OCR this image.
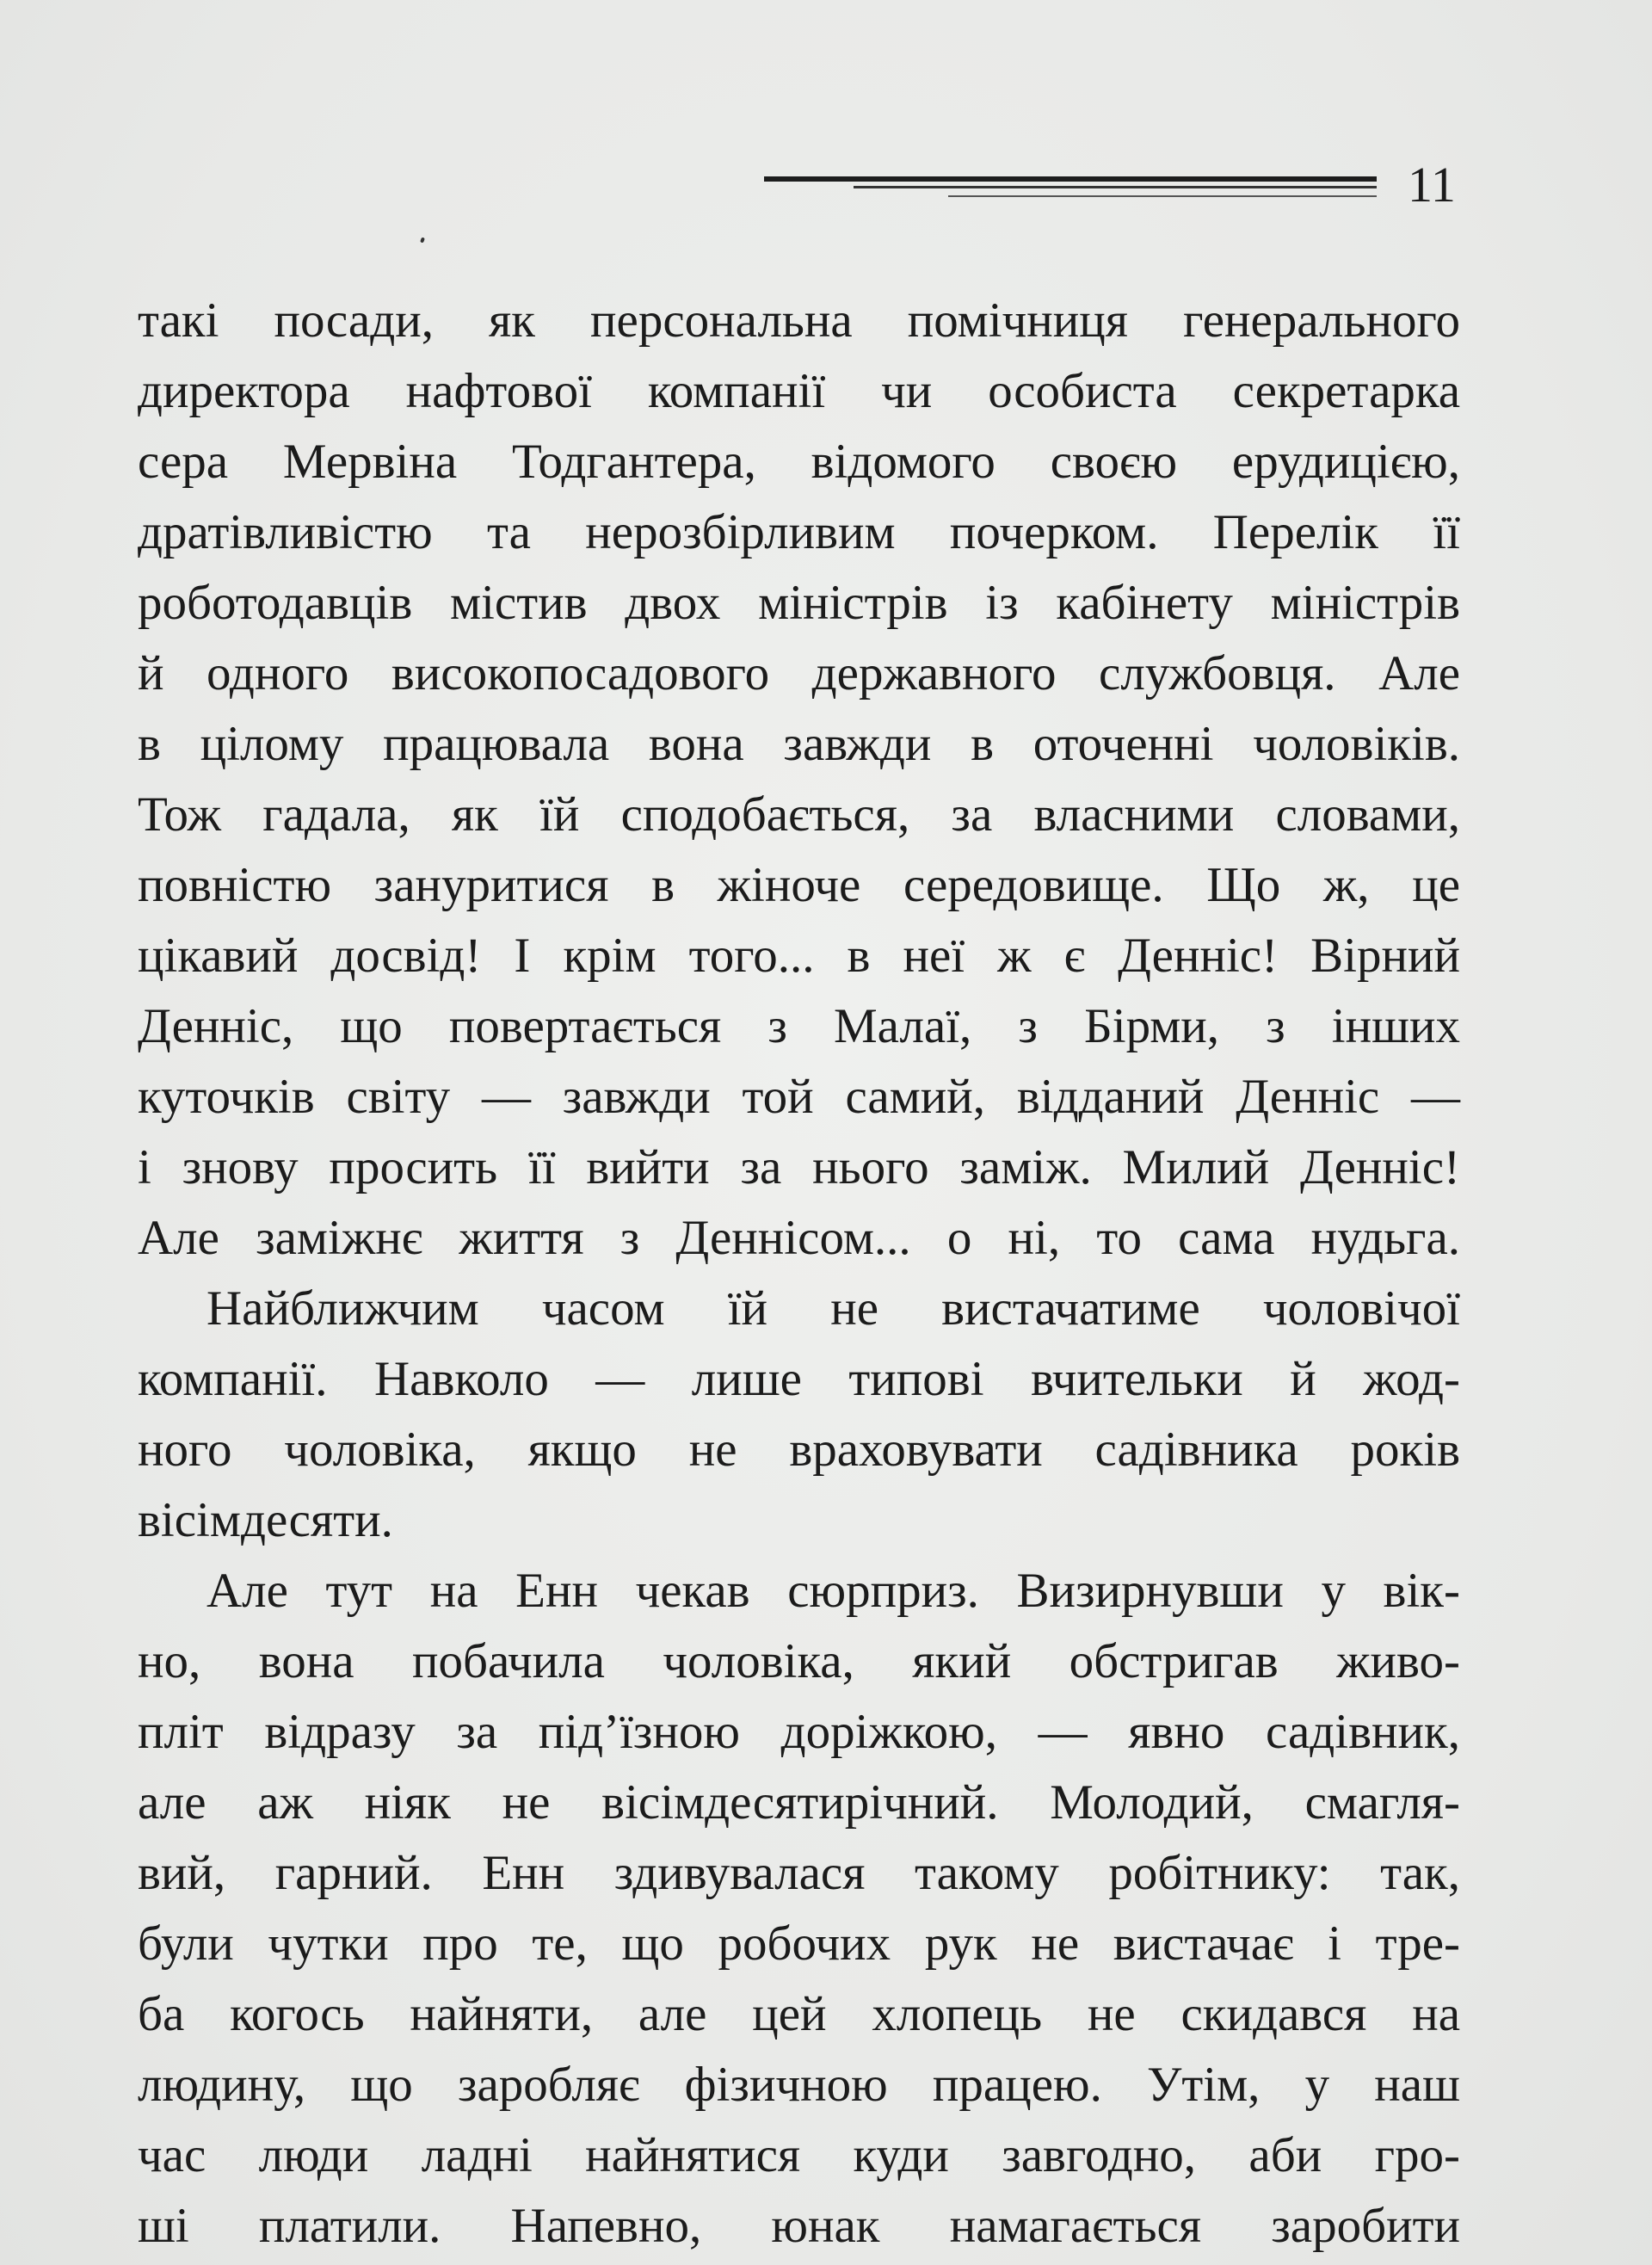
11
такі посади, як персональна помічниця генерального
директора нафтової компанії чи особиста секретарка
сера Мервіна Тодгантера, відомого своєю ерудицією,
дратівливістю та нерозбірливим почерком. Перелік її
роботодавців містив двох міністрів із кабінету міністрів
й одного високопосадового державного службовця. Але
в цілому працювала вона завжди в оточенні чоловіків.
Тож гадала, як їй сподобається, за власними словами,
повністю зануритися в жіноче середовище. Що ж, це
цікавий досвід! І крім того... в неї ж є Денніс! Вірний
Денніс, що повертається з Малаї, з Бірми, з інших
куточків світу — завжди той самий, відданий Денніс —
і знову просить її вийти за нього заміж. Милий Денніс!
Але заміжнє життя з Деннісом... о ні, то сама нудьга.
Найближчим часом їй не вистачатиме чоловічої
компанії. Навколо — лише типові вчительки й жод-
ного чоловіка, якщо не враховувати садівника років
вісімдесяти.
Але тут на Енн чекав сюрприз. Визирнувши у вік-
но, вона побачила чоловіка, який обстригав живо-
пліт відразу за під’їзною доріжкою, — явно садівник,
але аж ніяк не вісімдесятирічний. Молодий, смагля-
вий, гарний. Енн здивувалася такому робітнику: так,
були чутки про те, що робочих рук не вистачає і тре-
ба когось найняти, але цей хлопець не скидався на
людину, що заробляє фізичною працею. Утім, у наш
час люди ладні найнятися куди завгодно, аби гро-
ші платили. Напевно, юнак намагається заробити
